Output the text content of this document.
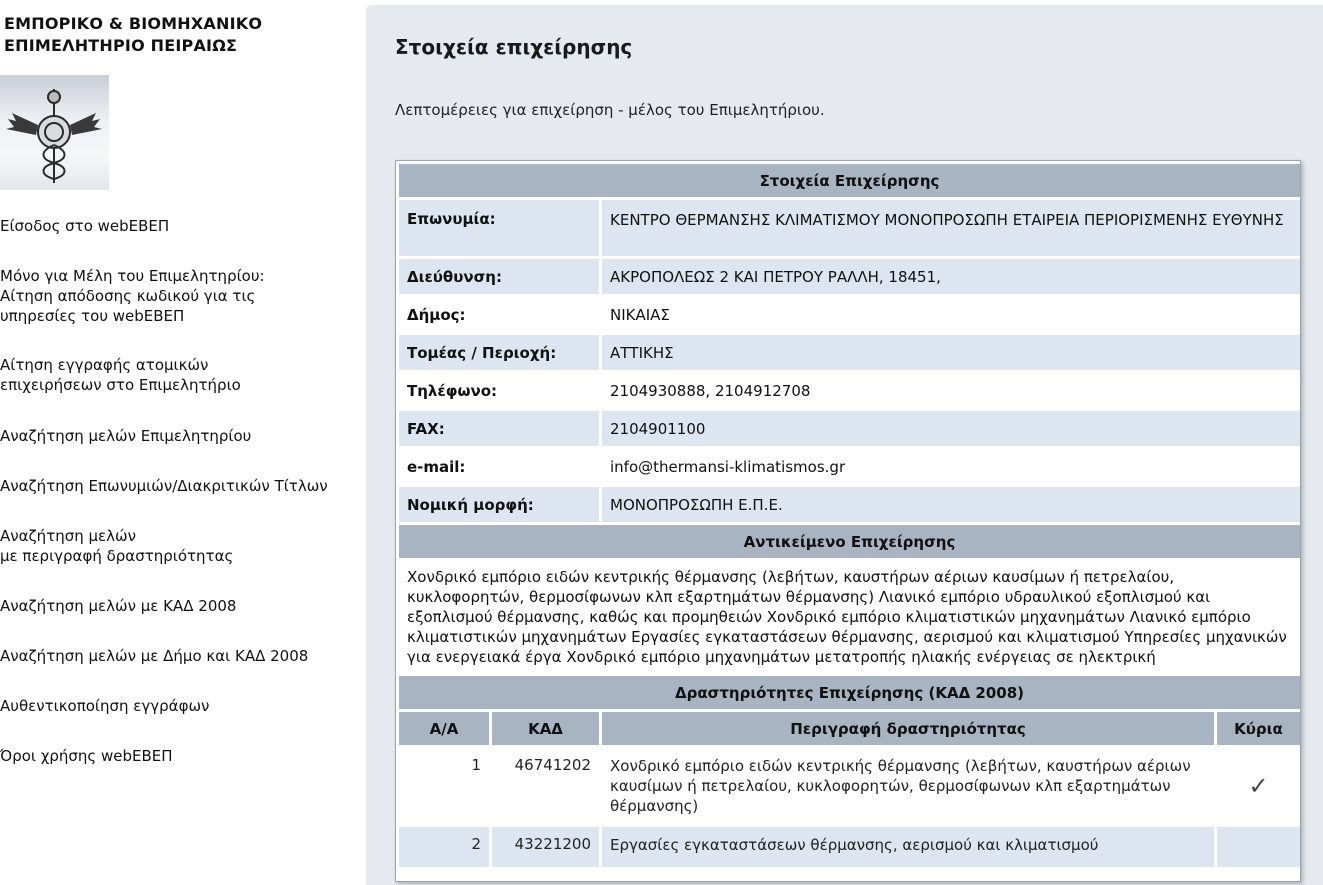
ΕΜΠΟΡΙΚΟ & ΒΙΟΜΗΧΑΝΙΚΟ
ΕΠΙΜΕΛΗΤΗΡΙΟ ΠΕΙΡΑΙΩΣ
Είσοδος στο webΕΒΕΠ
Μόνο για Μέλη του Επιμελητηρίου:
Αίτηση απόδοσης κωδικού για τις
υπηρεσίες του webΕΒΕΠ
Αίτηση εγγραφής ατομικών
επιχειρήσεων στο Επιμελητήριο
Αναζήτηση μελών Επιμελητηρίου
Αναζήτηση Επωνυμιών/Διακριτικών Τίτλων
Αναζήτηση μελών
με περιγραφή δραστηριότητας
Αναζήτηση μελών με ΚΑΔ 2008
Αναζήτηση μελών με Δήμο και ΚΑΔ 2008
Αυθεντικοποίηση εγγράφων
Όροι χρήσης webΕΒΕΠ
Στοιχεία επιχείρησης
Λεπτομέρειες για επιχείρηση - μέλος του Επιμελητήριου.
Στοιχεία Επιχείρησης			
Επωνυμία:		ΚΕΝΤΡΟ ΘΕΡΜΑΝΣΗΣ ΚΛΙΜΑΤΙΣΜΟΥ ΜΟΝΟΠΡΟΣΩΠΗ ΕΤΑΙΡΕΙΑ ΠΕΡΙΟΡΙΣΜΕΝΗΣ ΕΥΘΥΝΗΣ	
Διεύθυνση:		ΑΚΡΟΠΟΛΕΩΣ 2 ΚΑΙ ΠΕΤΡΟΥ ΡΑΛΛΗ, 18451,	
Δήμος:		ΝΙΚΑΙΑΣ	
Τομέας / Περιοχή:		ΑΤΤΙΚΗΣ	
Τηλέφωνο:		2104930888, 2104912708	
FAX:		2104901100	
e-mail:		info@thermansi-klimatismos.gr	
Νομική μορφή:		ΜΟΝΟΠΡΟΣΩΠΗ Ε.Π.Ε.	
Αντικείμενο Επιχείρησης			
Χονδρικό εμπόριο ειδών κεντρικής θέρμανσης (λεβήτων, καυστήρων αέριων καυσίμων ή πετρελαίου, κυκλοφορητών, θερμοσίφωνων κλπ εξαρτημάτων θέρμανσης) Λιανικό εμπόριο υδραυλικού εξοπλισμού και εξοπλισμού θέρμανσης, καθώς και προμηθειών Χονδρικό εμπόριο κλιματιστικών μηχανημάτων Λιανικό εμπόριο κλιματιστικών μηχανημάτων Εργασίες εγκαταστάσεων θέρμανσης, αερισμού και κλιματισμού Υπηρεσίες μηχανικών για ενεργειακά έργα Χονδρικό εμπόριο μηχανημάτων μετατροπής ηλιακής ενέργειας σε ηλεκτρική			
Δραστηριότητες Επιχείρησης (ΚΑΔ 2008)			
Α/Α	ΚΑΔ	Περιγραφή δραστηριότητας	Κύρια
1	46741202	Χονδρικό εμπόριο ειδών κεντρικής θέρμανσης (λεβήτων, καυστήρων αέριων καυσίμων ή πετρελαίου, κυκλοφορητών, θερμοσίφωνων κλπ εξαρτημάτων θέρμανσης)	✓
2	43221200	Εργασίες εγκαταστάσεων θέρμανσης, αερισμού και κλιματισμού	
